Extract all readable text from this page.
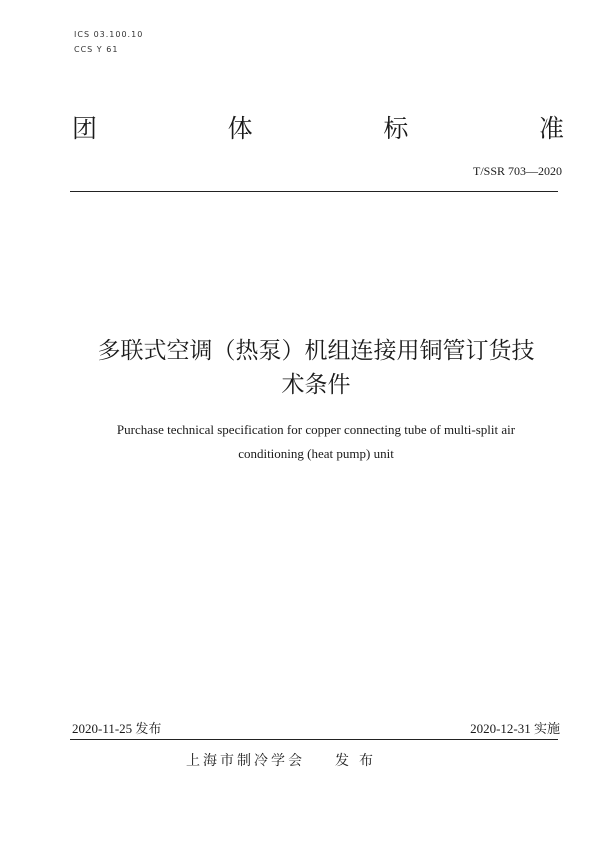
ICS 03.100.10
CCS Y 61
团	体	标	准
T/SSR 703—2020
多联式空调（热泵）机组连接用铜管订货技
术条件
Purchase technical specification for copper connecting tube of multi-split air
conditioning (heat pump) unit
2020-11-25 发布	2020-12-31 实施
上海市制冷学会 发布
